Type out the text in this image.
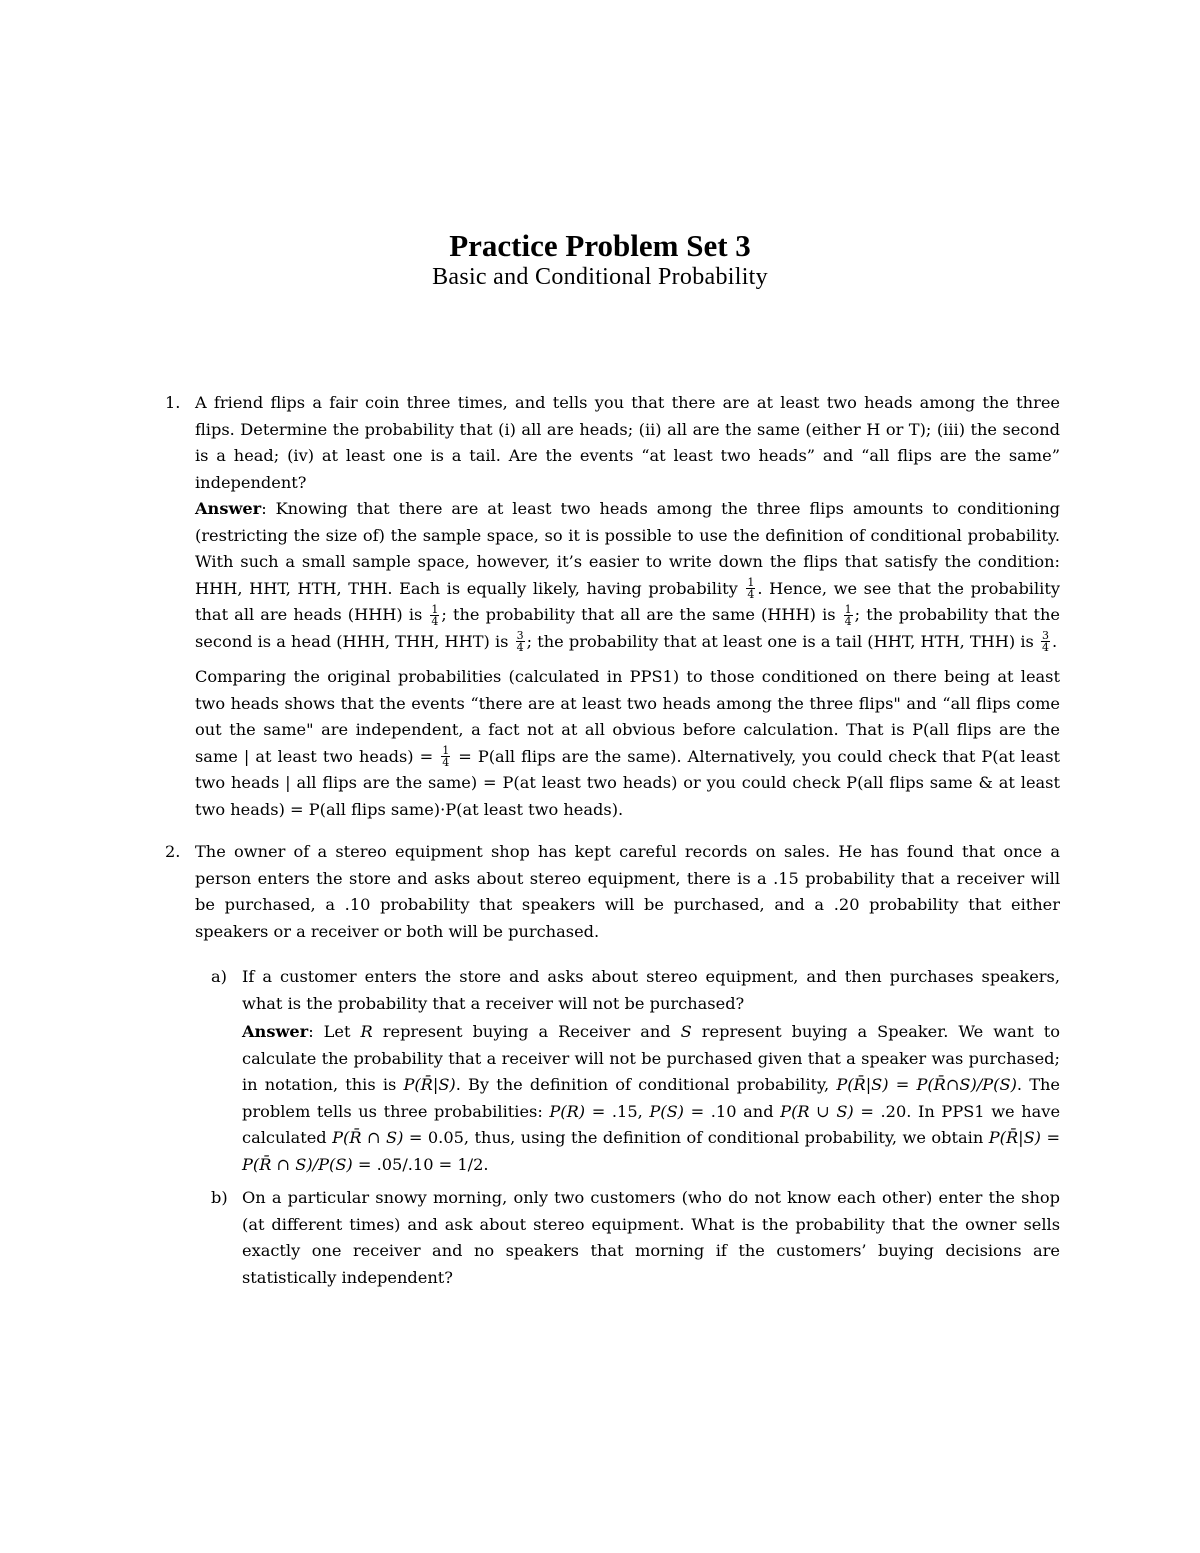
Practice Problem Set 3
Basic and Conditional Probability
1. A friend flips a fair coin three times, and tells you that there are at least two heads among the three flips. Determine the probability that (i) all are heads; (ii) all are the same (either H or T); (iii) the second is a head; (iv) at least one is a tail. Are the events “at least two heads” and “all flips are the same” independent?

Answer: Knowing that there are at least two heads among the three flips amounts to conditioning (restricting the size of) the sample space, so it is possible to use the definition of conditional probability. With such a small sample space, however, it’s easier to write down the flips that satisfy the condition: HHH, HHT, HTH, THH. Each is equally likely, having probability $\frac{1}{4}$ . Hence, we see that the probability that all are heads (HHH) is $\frac{1}{4}$ ; the probability that all are the same (HHH) is $\frac{1}{4}$ ; the probability that the second is a head (HHH, THH, HHT) is $\frac{3}{4}$ ; the probability that at least one is a tail (HHT, HTH, THH) is $\frac{3}{4}$ .

Comparing the original probabilities (calculated in PPS1) to those conditioned on there being at least two heads shows that the events “there are at least two heads among the three flips" and “all flips come out the same" are independent, a fact not at all obvious before calculation. That is P(all flips are the same | at least two heads) = $\frac{1}{4} = P(all$ flips are the same). Alternatively, you could check that P(at least two heads | all flips are the same) = P(at least two heads) or you could check P(all flips same & at least two heads) = P(all flips same)·P(at least two heads).

2. The owner of a stereo equipment shop has kept careful records on sales. He has found that once a person enters the store and asks about stereo equipment, there is a .15 probability that a receiver will be purchased, a .10 probability that speakers will be purchased, and a .20 probability that either speakers or a receiver or both will be purchased.

a) If a customer enters the store and asks about stereo equipment, and then purchases speakers, what is the probability that a receiver will not be purchased?

Answer: Let R represent buying a Receiver and S represent buying a Speaker. We want to calculate the probability that a receiver will not be purchased given that a speaker was purchased; in notation, this is P(R̄|S). By the definition of conditional probability, P(R̄|S) = P(R̄∩S)/P(S). The problem tells us three probabilities: P(R) = .15, P(S) = .10 and P(R ∪ S) = .20. In PPS1 we have calculated P(R̄ ∩ S) = 0.05, thus, using the definition of conditional probability, we obtain P(R̄|S) = P(R̄ ∩ S)/P(S) = .05/.10 = 1/2.

b) On a particular snowy morning, only two customers (who do not know each other) enter the shop (at different times) and ask about stereo equipment. What is the probability that the owner sells exactly one receiver and no speakers that morning if the customers’ buying decisions are statistically independent?
